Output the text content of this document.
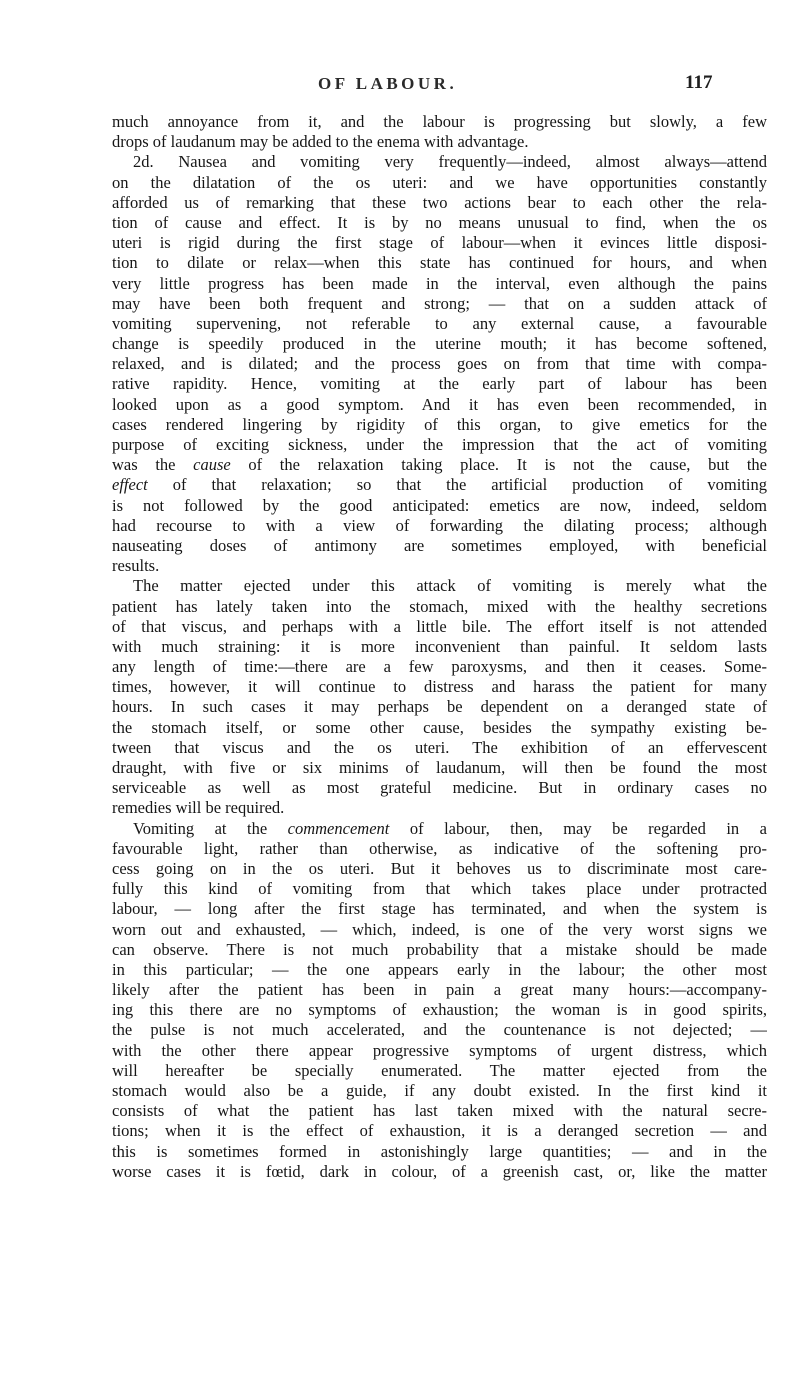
OF LABOUR.	117
much annoyance from it, and the labour is progressing but slowly, a few
drops of laudanum may be added to the enema with advantage.
2d. Nausea and vomiting very frequently—indeed, almost always—attend
on the dilatation of the os uteri: and we have opportunities constantly
afforded us of remarking that these two actions bear to each other the rela-
tion of cause and effect. It is by no means unusual to find, when the os
uteri is rigid during the first stage of labour—when it evinces little disposi-
tion to dilate or relax—when this state has continued for hours, and when
very little progress has been made in the interval, even although the pains
may have been both frequent and strong; — that on a sudden attack of
vomiting supervening, not referable to any external cause, a favourable
change is speedily produced in the uterine mouth; it has become softened,
relaxed, and is dilated; and the process goes on from that time with compa-
rative rapidity. Hence, vomiting at the early part of labour has been
looked upon as a good symptom. And it has even been recommended, in
cases rendered lingering by rigidity of this organ, to give emetics for the
purpose of exciting sickness, under the impression that the act of vomiting
was the cause of the relaxation taking place. It is not the cause, but the
effect of that relaxation; so that the artificial production of vomiting
is not followed by the good anticipated: emetics are now, indeed, seldom
had recourse to with a view of forwarding the dilating process; although
nauseating doses of antimony are sometimes employed, with beneficial
results.
The matter ejected under this attack of vomiting is merely what the
patient has lately taken into the stomach, mixed with the healthy secretions
of that viscus, and perhaps with a little bile. The effort itself is not attended
with much straining: it is more inconvenient than painful. It seldom lasts
any length of time:—there are a few paroxysms, and then it ceases. Some-
times, however, it will continue to distress and harass the patient for many
hours. In such cases it may perhaps be dependent on a deranged state of
the stomach itself, or some other cause, besides the sympathy existing be-
tween that viscus and the os uteri. The exhibition of an effervescent
draught, with five or six minims of laudanum, will then be found the most
serviceable as well as most grateful medicine. But in ordinary cases no
remedies will be required.
Vomiting at the commencement of labour, then, may be regarded in a
favourable light, rather than otherwise, as indicative of the softening pro-
cess going on in the os uteri. But it behoves us to discriminate most care-
fully this kind of vomiting from that which takes place under protracted
labour, — long after the first stage has terminated, and when the system is
worn out and exhausted, — which, indeed, is one of the very worst signs we
can observe. There is not much probability that a mistake should be made
in this particular; — the one appears early in the labour; the other most
likely after the patient has been in pain a great many hours:—accompany-
ing this there are no symptoms of exhaustion; the woman is in good spirits,
the pulse is not much accelerated, and the countenance is not dejected; —
with the other there appear progressive symptoms of urgent distress, which
will hereafter be specially enumerated. The matter ejected from the
stomach would also be a guide, if any doubt existed. In the first kind it
consists of what the patient has last taken mixed with the natural secre-
tions; when it is the effect of exhaustion, it is a deranged secretion — and
this is sometimes formed in astonishingly large quantities; — and in the
worse cases it is fœtid, dark in colour, of a greenish cast, or, like the matter
